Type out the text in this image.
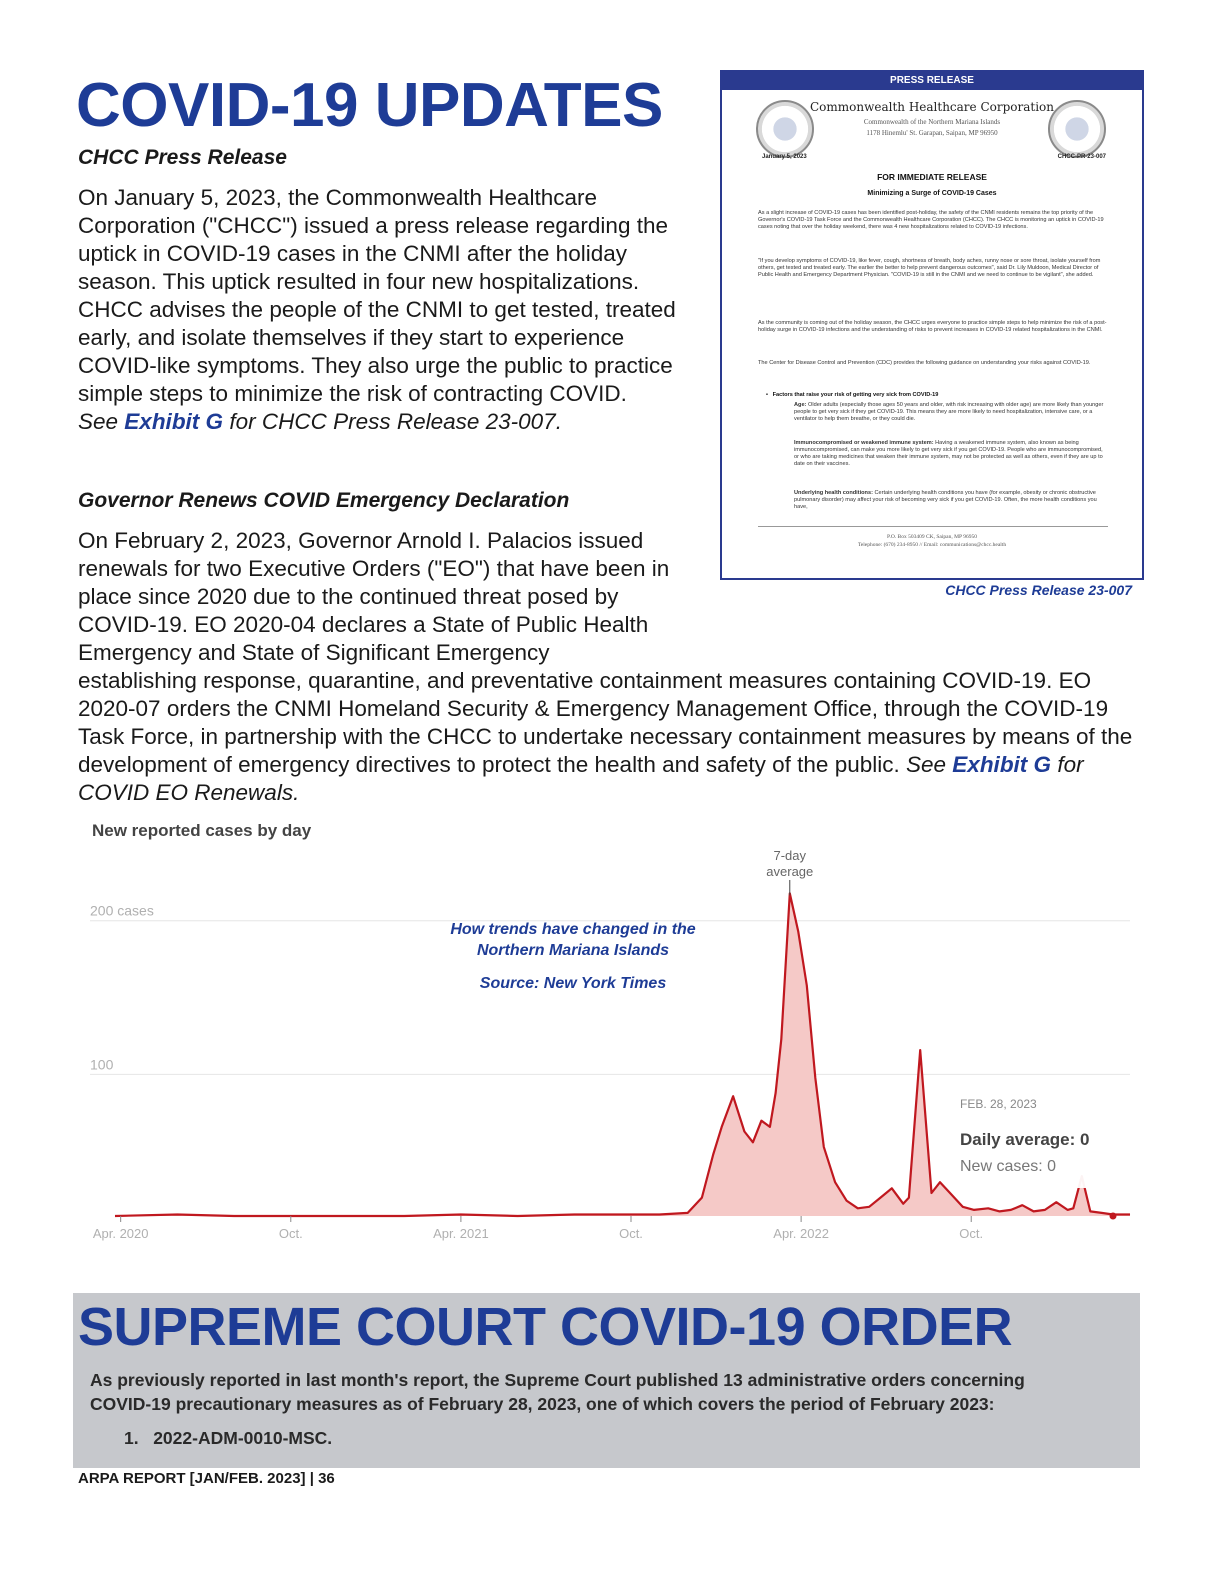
COVID-19 UPDATES
CHCC Press Release
On January 5, 2023, the Commonwealth Healthcare
Corporation ("CHCC") issued a press release regarding the
uptick in COVID-19 cases in the CNMI after the holiday
season. This uptick resulted in four new hospitalizations.
CHCC advises the people of the CNMI to get tested, treated
early, and isolate themselves if they start to experience
COVID-like symptoms. They also urge the public to practice
simple steps to minimize the risk of contracting COVID.
See Exhibit G for CHCC Press Release 23-007.
Governor Renews COVID Emergency Declaration
On February 2, 2023, Governor Arnold I. Palacios issued
renewals for two Executive Orders ("EO") that have been in
place since 2020 due to the continued threat posed by
COVID-19. EO 2020-04 declares a State of Public Health
Emergency and State of Significant Emergency
establishing response, quarantine, and preventative containment measures containing COVID-19. EO
2020-07 orders the CNMI Homeland Security & Emergency Management Office, through the COVID-19
Task Force, in partnership with the CHCC to undertake necessary containment measures by means of the
development of emergency directives to protect the health and safety of the public. See Exhibit G for
COVID EO Renewals.
PRESS RELEASE
Commonwealth Healthcare Corporation
Commonwealth of the Northern Mariana Islands
1178 Hinemlu' St. Garapan, Saipan, MP 96950
January 5, 2023	CHCC-PR-23-007
FOR IMMEDIATE RELEASE
Minimizing a Surge of COVID-19 Cases
As a slight increase of COVID-19 cases has been identified post-holiday, the safety of the CNMI residents remains the top priority of the Governor's COVID-19 Task Force and the Commonwealth Healthcare Corporation (CHCC). The CHCC is monitoring an uptick in COVID-19 cases noting that over the holiday weekend, there was 4 new hospitalizations related to COVID-19 infections.
"If you develop symptoms of COVID-19, like fever, cough, shortness of breath, body aches, runny nose or sore throat, isolate yourself from others, get tested and treated early. The earlier the better to help prevent dangerous outcomes", said Dr. Lily Muldoon, Medical Director of Public Health and Emergency Department Physician. "COVID-19 is still in the CNMI and we need to continue to be vigilant", she added.
As the community is coming out of the holiday season, the CHCC urges everyone to practice simple steps to help minimize the risk of a post-holiday surge in COVID-19 infections and the understanding of risks to prevent increases in COVID-19 related hospitalizations in the CNMI.
The Center for Disease Control and Prevention (CDC) provides the following guidance on understanding your risks against COVID-19.
•   Factors that raise your risk of getting very sick from COVID-19
Age: Older adults (especially those ages 50 years and older, with risk increasing with older age) are more likely than younger people to get very sick if they get COVID-19. This means they are more likely to need hospitalization, intensive care, or a ventilator to help them breathe, or they could die.
Immunocompromised or weakened immune system: Having a weakened immune system, also known as being immunocompromised, can make you more likely to get very sick if you get COVID-19. People who are immunocompromised, or who are taking medicines that weaken their immune system, may not be protected as well as others, even if they are up to date on their vaccines.
Underlying health conditions: Certain underlying health conditions you have (for example, obesity or chronic obstructive pulmonary disorder) may affect your risk of becoming very sick if you get COVID-19. Often, the more health conditions you have,
P.O. Box 503409 CK, Saipan, MP 96950
Telephone: (670) 234-8950 // Email: communications@chcc.health
CHCC Press Release 23-007
New reported cases by day
200 cases
100
Apr. 2020	Oct.	Apr. 2021	Oct.	Apr. 2022	Oct.
7-day
average
How trends have changed in the
Northern Mariana Islands
Source: New York Times
FEB. 28, 2023
Daily average: 0
New cases: 0
SUPREME COURT COVID-19 ORDER
As previously reported in last month's report, the Supreme Court published 13 administrative orders concerning
COVID-19 precautionary measures as of February 28, 2023, one of which covers the period of February 2023:
1. 2022-ADM-0010-MSC.
ARPA REPORT [JAN/FEB. 2023] | 36
